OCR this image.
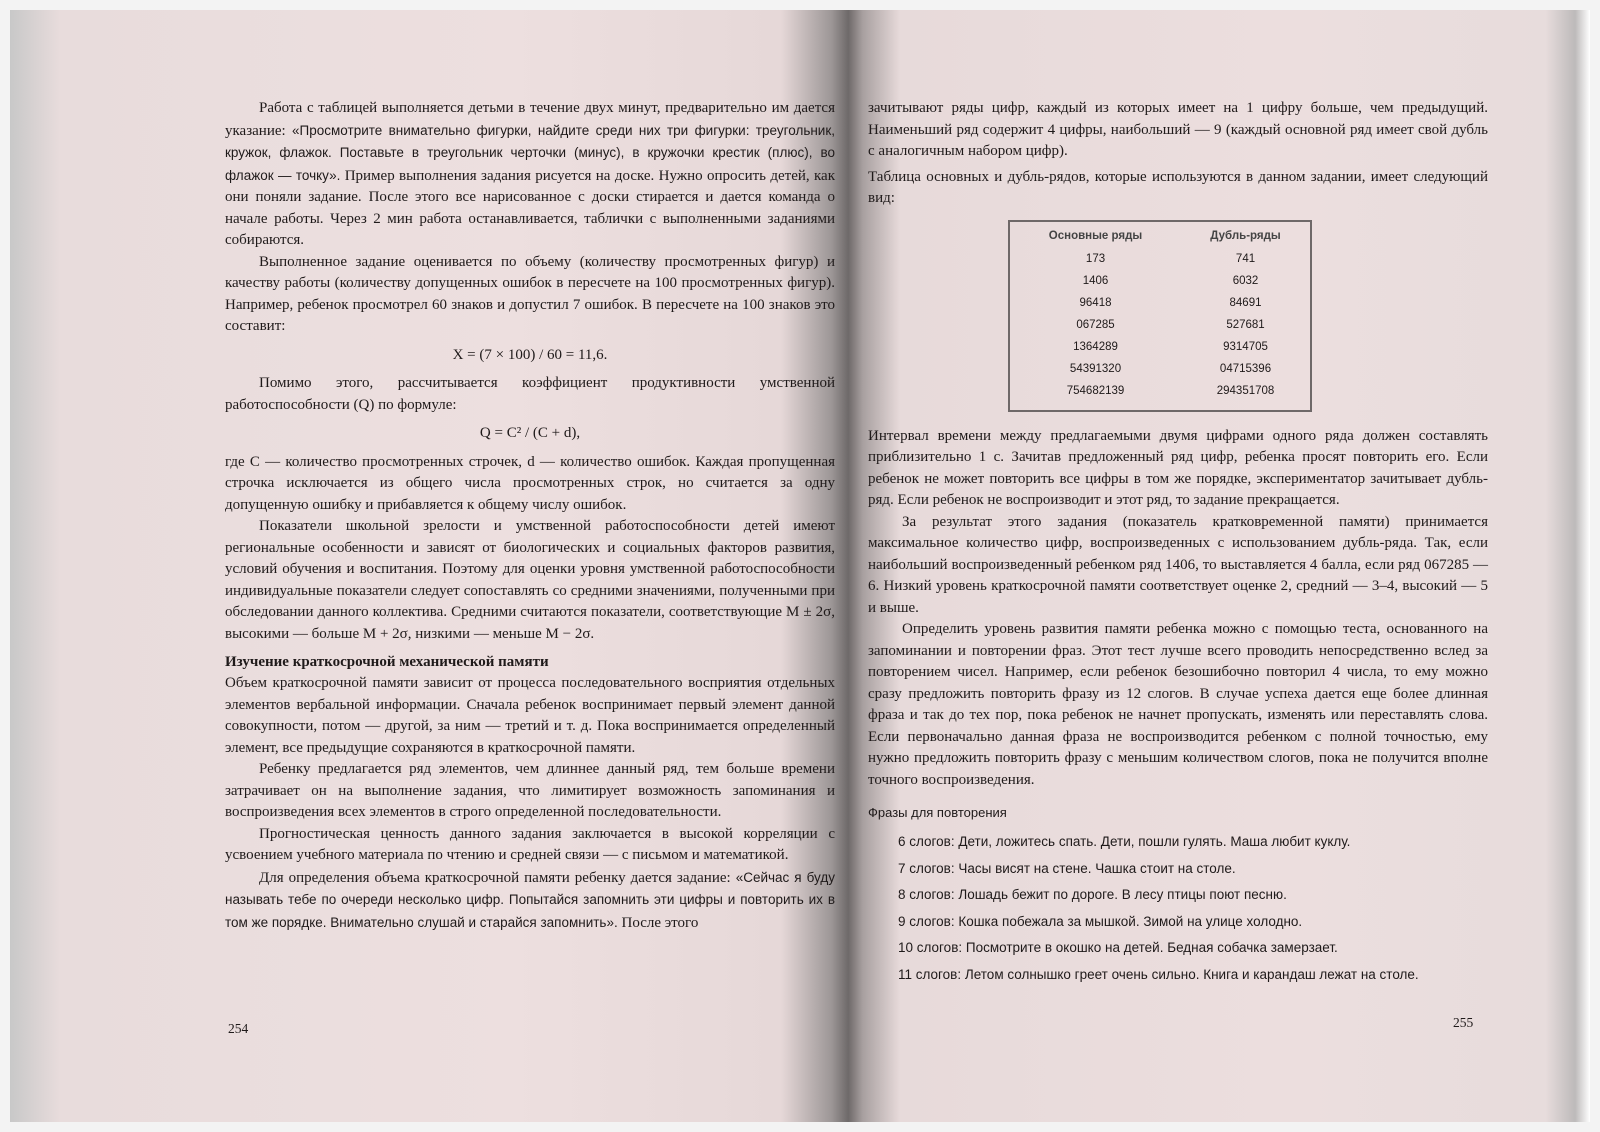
Работа с таблицей выполняется детьми в течение двух минут, предварительно им дается указание: «Просмотрите внимательно фигурки, найдите среди них три фигурки: треугольник, кружок, флажок. Поставьте в треугольник черточки (минус), в кружочки крестик (плюс), во флажок — точку». Пример выполнения задания рисуется на доске. Нужно опросить детей, как они поняли задание. После этого все нарисованное с доски стирается и дается команда о начале работы. Через 2 мин работа останавливается, таблички с выполненными заданиями собираются.

Выполненное задание оценивается по объему (количеству просмотренных фигур) и качеству работы (количеству допущенных ошибок в пересчете на 100 просмотренных фигур). Например, ребенок просмотрел 60 знаков и допустил 7 ошибок. В пересчете на 100 знаков это составит:

X = (7 × 100) / 60 = 11,6.

Помимо этого, рассчитывается коэффициент продуктивности умственной работоспособности (Q) по формуле:

Q = C² / (C + d),

где C — количество просмотренных строчек, d — количество ошибок. Каждая пропущенная строчка исключается из общего числа просмотренных строк, но считается за одну допущенную ошибку и прибавляется к общему числу ошибок.

Показатели школьной зрелости и умственной работоспособности детей имеют региональные особенности и зависят от биологических и социальных факторов развития, условий обучения и воспитания. Поэтому для оценки уровня умственной работоспособности индивидуальные показатели следует сопоставлять со средними значениями, полученными при обследовании данного коллектива. Средними считаются показатели, соответствующие M ± 2σ, высокими — больше M + 2σ, низкими — меньше M − 2σ.

Изучение краткосрочной механической памяти

Объем краткосрочной памяти зависит от процесса последовательного восприятия отдельных элементов вербальной информации. Сначала ребенок воспринимает первый элемент данной совокупности, потом — другой, за ним — третий и т. д. Пока воспринимается определенный элемент, все предыдущие сохраняются в краткосрочной памяти.

Ребенку предлагается ряд элементов, чем длиннее данный ряд, тем больше времени затрачивает он на выполнение задания, что лимитирует возможность запоминания и воспроизведения всех элементов в строго определенной последовательности.

Прогностическая ценность данного задания заключается в высокой корреляции с усвоением учебного материала по чтению и средней связи — с письмом и математикой.

Для определения объема краткосрочной памяти ребенку дается задание: «Сейчас я буду называть тебе по очереди несколько цифр. Попытайся запомнить эти цифры и повторить их в том же порядке. Внимательно слушай и старайся запомнить». После этого

254

зачитывают ряды цифр, каждый из которых имеет на 1 цифру больше, чем предыдущий. Наименьший ряд содержит 4 цифры, наибольший — 9 (каждый основной ряд имеет свой дубль с аналогичным набором цифр).

Таблица основных и дубль-рядов, которые используются в данном задании, имеет следующий вид:

Основные ряды	Дубль-ряды
173	741
1406	6032
96418	84691
067285	527681
1364289	9314705
54391320	04715396
754682139	294351708

Интервал времени между предлагаемыми двумя цифрами одного ряда должен составлять приблизительно 1 с. Зачитав предложенный ряд цифр, ребенка просят повторить его. Если ребенок не может повторить все цифры в том же порядке, экспериментатор зачитывает дубль-ряд. Если ребенок не воспроизводит и этот ряд, то задание прекращается.

За результат этого задания (показатель кратковременной памяти) принимается максимальное количество цифр, воспроизведенных с использованием дубль-ряда. Так, если наибольший воспроизведенный ребенком ряд 1406, то выставляется 4 балла, если ряд 067285 — 6. Низкий уровень краткосрочной памяти соответствует оценке 2, средний — 3–4, высокий — 5 и выше.

Определить уровень развития памяти ребенка можно с помощью теста, основанного на запоминании и повторении фраз. Этот тест лучше всего проводить непосредственно вслед за повторением чисел. Например, если ребенок безошибочно повторил 4 числа, то ему можно сразу предложить повторить фразу из 12 слогов. В случае успеха дается еще более длинная фраза и так до тех пор, пока ребенок не начнет пропускать, изменять или переставлять слова. Если первоначально данная фраза не воспроизводится ребенком с полной точностью, ему нужно предложить повторить фразу с меньшим количеством слогов, пока не получится вполне точного воспроизведения.

Фразы для повторения
6 слогов: Дети, ложитесь спать. Дети, пошли гулять. Маша любит куклу.
7 слогов: Часы висят на стене. Чашка стоит на столе.
8 слогов: Лошадь бежит по дороге. В лесу птицы поют песню.
9 слогов: Кошка побежала за мышкой. Зимой на улице холодно.
10 слогов: Посмотрите в окошко на детей. Бедная собачка замерзает.
11 слогов: Летом солнышко греет очень сильно. Книга и карандаш лежат на столе.
255
